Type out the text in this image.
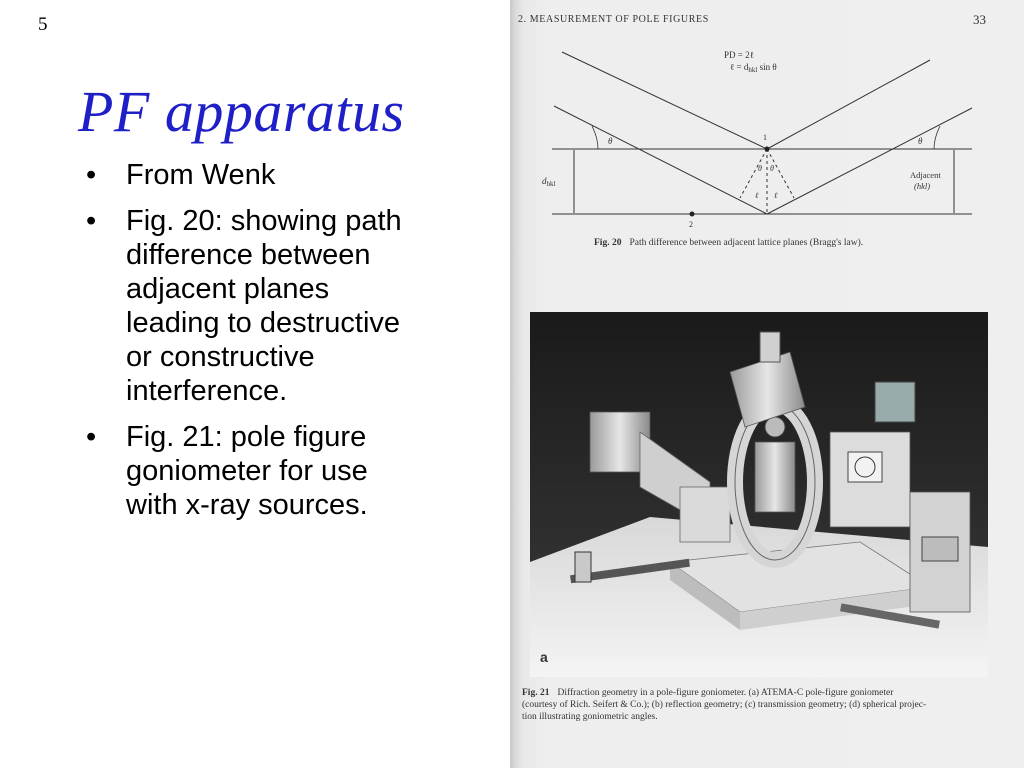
5
PF apparatus
•	From Wenk
•	Fig. 20: showing path difference between adjacent planes leading to destructive or constructive interference.
•	Fig. 21: pole figure goniometer for use with x-ray sources.
2. MEASUREMENT OF POLE FIGURES	33
PD = 2ℓ
ℓ = $d_{hkl}$ sin θ
θ	θ
θ θ
ℓ ℓ
1
2
$d_{hkl}$
Adjacent
(hkl)
Fig. 20 Path difference between adjacent lattice planes (Bragg's law).
a
Fig. 21 Diffraction geometry in a pole-figure goniometer. (a) ATEMA-C pole-figure goniometer
(courtesy of Rich. Seifert & Co.); (b) reflection geometry; (c) transmission geometry; (d) spherical projec-
tion illustrating goniometric angles.
